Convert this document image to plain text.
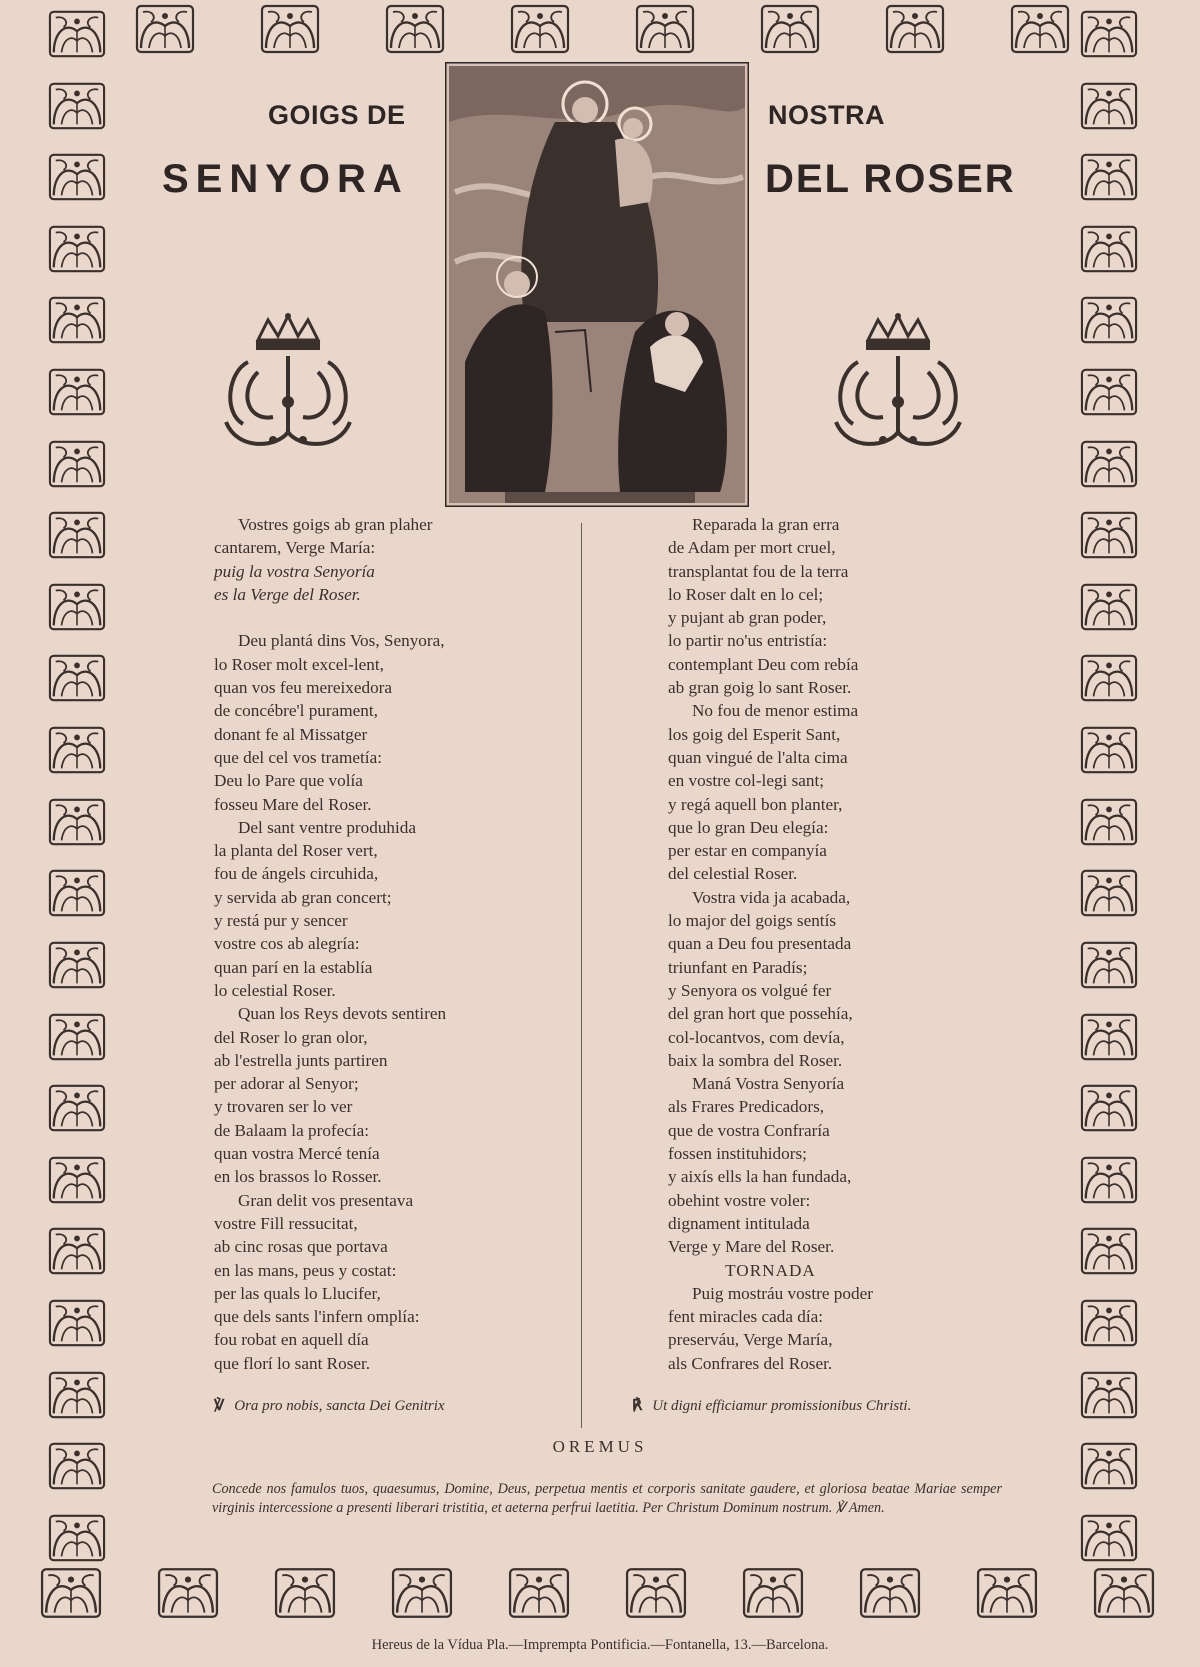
GOIGS DE
SENYORA
NOSTRA
DEL ROSER
Vostres goigs ab gran plaher
cantarem, Verge María:
puig la vostra Senyoría
es la Verge del Roser.
Deu plantá dins Vos, Senyora,
lo Roser molt excel-lent,
quan vos feu mereixedora
de concébre'l purament,
donant fe al Missatger
que del cel vos trametía:
Deu lo Pare que volía
fosseu Mare del Roser.
Del sant ventre produhida
la planta del Roser vert,
fou de ángels circuhida,
y servida ab gran concert;
y restá pur y sencer
vostre cos ab alegría:
quan parí en la establía
lo celestial Roser.
Quan los Reys devots sentiren
del Roser lo gran olor,
ab l'estrella junts partiren
per adorar al Senyor;
y trovaren ser lo ver
de Balaam la profecía:
quan vostra Mercé tenía
en los brassos lo Rosser.
Gran delit vos presentava
vostre Fill ressucitat,
ab cinc rosas que portava
en las mans, peus y costat:
per las quals lo Llucifer,
que dels sants l'infern omplía:
fou robat en aquell día
que florí lo sant Roser.
Reparada la gran erra
de Adam per mort cruel,
transplantat fou de la terra
lo Roser dalt en lo cel;
y pujant ab gran poder,
lo partir no'us entristía:
contemplant Deu com rebía
ab gran goig lo sant Roser.
No fou de menor estima
los goig del Esperit Sant,
quan vingué de l'alta cima
en vostre col-legi sant;
y regá aquell bon planter,
que lo gran Deu elegía:
per estar en companyía
del celestial Roser.
Vostra vida ja acabada,
lo major del goigs sentís
quan a Deu fou presentada
triunfant en Paradís;
y Senyora os volgué fer
del gran hort que possehía,
col-locantvos, com devía,
baix la sombra del Roser.
Maná Vostra Senyoría
als Frares Predicadors,
que de vostra Confraría
fossen instituhidors;
y aixís ells la han fundada,
obehint vostre voler:
dignament intitulada
Verge y Mare del Roser.
TORNADA
Puig mostráu vostre poder
fent miracles cada día:
preserváu, Verge María,
als Confrares del Roser.
℣ Ora pro nobis, sancta Dei Genitrix	℟ Ut digni efficiamur promissionibus Christi.
OREMUS
Concede nos famulos tuos, quaesumus, Domine, Deus, perpetua mentis et corporis sanitate gaudere, et gloriosa beatae Mariae semper virginis intercessione a presenti liberari tristitia, et aeterna perfrui laetitia. Per Christum Dominum nostrum. ℣ Amen.
Hereus de la Vídua Pla.—Imprempta Pontificia.—Fontanella, 13.—Barcelona.
